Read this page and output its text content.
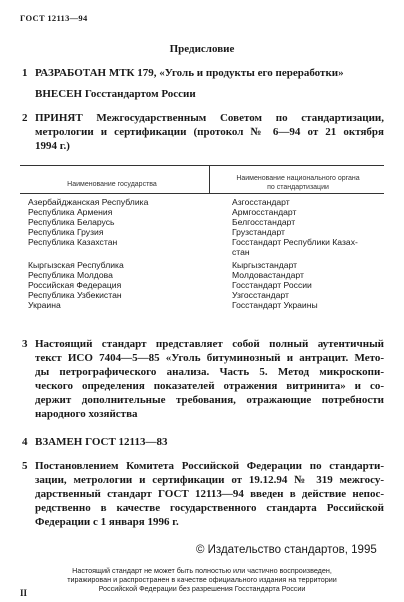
ГОСТ 12113—94
Предисловие
1 РАЗРАБОТАН МТК 179, «Уголь и продукты его переработки»
ВНЕСЕН Госстандартом России
2 ПРИНЯТ Межгосударственным Советом по стандартизации,
метрологии и сертификации (протокол № 6—94 от 21 октября
1994 г.)
Наименование государства
Наименование национального органа
по стандартизации
Азербайджанская Республика
Республика Армения
Республика Беларусь
Республика Грузия
Республика Казахстан
Кыргызская Республика
Республика Молдова
Российская Федерация
Республика Узбекистан
Украина
Азгосстандарт
Армгосстандарт
Белгосстандарт
Грузстандарт
Госстандарт Республики Казах-
стан
Кыргызстандарт
Молдовастандарт
Госстандарт России
Узгосстандарт
Госстандарт Украины
3 Настоящий стандарт представляет собой полный аутентичный
текст ИСО 7404—5—85 «Уголь битуминозный и антрацит. Мето-
ды петрографического анализа. Часть 5. Метод микроскопи-
ческого определения показателей отражения витринита» и со-
держит дополнительные требования, отражающие потребности
народного хозяйства
4 ВЗАМЕН ГОСТ 12113—83
5 Постановлением Комитета Российской Федерации по стандарти-
зации, метрологии и сертификации от 19.12.94 № 319 межгосу-
дарственный стандарт ГОСТ 12113—94 введен в действие непос-
редственно в качестве государственного стандарта Российской
Федерации с 1 января 1996 г.
© Издательство стандартов, 1995
Настоящий стандарт не может быть полностью или частично воспроизведен,
тиражирован и распространен в качестве официального издания на территории
Российской Федерации без разрешения Госстандарта России
II
